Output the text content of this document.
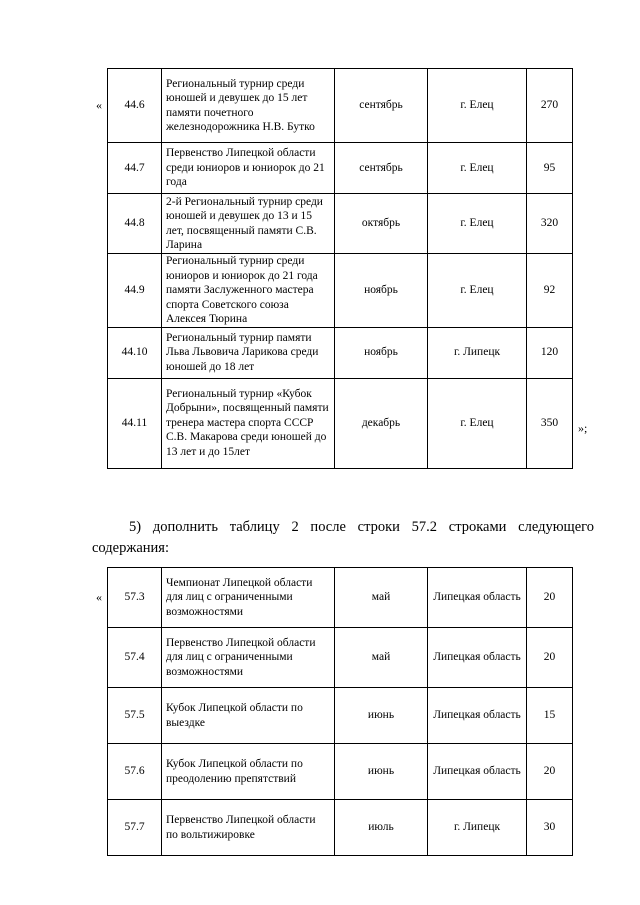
« 44.6	Региональный турнир среди юношей и девушек до 15 лет памяти почетного железнодорожника Н.В. Бутко	сентябрь	г. Елец	270
44.7	Первенство Липецкой области среди юниоров и юниорок до 21 года	сентябрь	г. Елец	95
44.8	2-й Региональный турнир среди юношей и девушек до 13 и 15 лет, посвященный памяти С.В. Ларина	октябрь	г. Елец	320
44.9	Региональный турнир среди юниоров и юниорок до 21 года памяти Заслуженного мастера спорта Советского союза Алексея Тюрина	ноябрь	г. Елец	92
44.10	Региональный турнир памяти Льва Львовича Ларикова среди юношей до 18 лет	ноябрь	г. Липецк	120
44.11	Региональный турнир «Кубок Добрыни», посвященный памяти тренера мастера спорта СССР С.В. Макарова среди юношей до 13 лет и до 15лет	декабрь	г. Елец	350 »;

5) дополнить таблицу 2 после строки 57.2 строками следующего содержания:

« 57.3	Чемпионат Липецкой области для лиц с ограниченными возможностями	май	Липецкая область	20
57.4	Первенство Липецкой области для лиц с ограниченными возможностями	май	Липецкая область	20
57.5	Кубок Липецкой области по выездке	июнь	Липецкая область	15
57.6	Кубок Липецкой области по преодолению препятствий	июнь	Липецкая область	20
57.7	Первенство Липецкой области по вольтижировке	июль	г. Липецк	30
